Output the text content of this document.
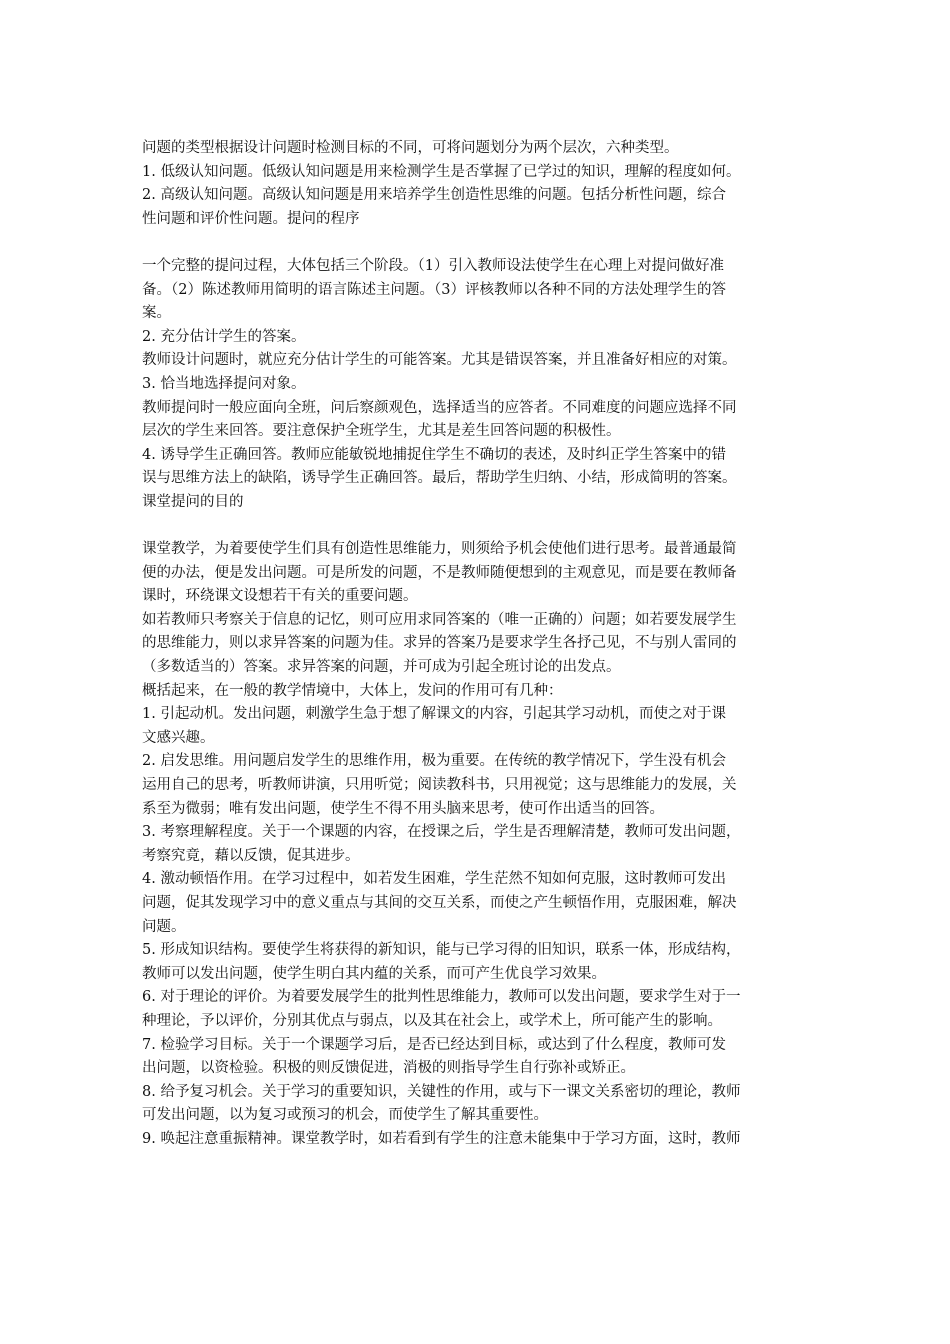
问题的类型根据设计问题时检测目标的不同，可将问题划分为两个层次，六种类型。
1. 低级认知问题。低级认知问题是用来检测学生是否掌握了已学过的知识，理解的程度如何。
2. 高级认知问题。高级认知问题是用来培养学生创造性思维的问题。包括分析性问题，综合
性问题和评价性问题。提问的程序
一个完整的提问过程，大体包括三个阶段。（1）引入教师设法使学生在心理上对提问做好准
备。（2）陈述教师用简明的语言陈述主问题。（3）评核教师以各种不同的方法处理学生的答
案。
2. 充分估计学生的答案。
教师设计问题时，就应充分估计学生的可能答案。尤其是错误答案，并且准备好相应的对策。
3. 恰当地选择提问对象。
教师提问时一般应面向全班，问后察颜观色，选择适当的应答者。不同难度的问题应选择不同
层次的学生来回答。要注意保护全班学生，尤其是差生回答问题的积极性。
4. 诱导学生正确回答。教师应能敏锐地捕捉住学生不确切的表述，及时纠正学生答案中的错
误与思维方法上的缺陷，诱导学生正确回答。最后，帮助学生归纳、小结，形成简明的答案。
课堂提问的目的
课堂教学，为着要使学生们具有创造性思维能力，则须给予机会使他们进行思考。最普通最简
便的办法，便是发出问题。可是所发的问题，不是教师随便想到的主观意见，而是要在教师备
课时，环绕课文设想若干有关的重要问题。
如若教师只考察关于信息的记忆，则可应用求同答案的（唯一正确的）问题；如若要发展学生
的思维能力，则以求异答案的问题为佳。求异的答案乃是要求学生各抒己见，不与别人雷同的
（多数适当的）答案。求异答案的问题，并可成为引起全班讨论的出发点。
概括起来，在一般的教学情境中，大体上，发问的作用可有几种：
1. 引起动机。发出问题，刺激学生急于想了解课文的内容，引起其学习动机，而使之对于课
文感兴趣。
2. 启发思维。用问题启发学生的思维作用，极为重要。在传统的教学情况下，学生没有机会
运用自己的思考，听教师讲演，只用听觉；阅读教科书，只用视觉；这与思维能力的发展，关
系至为微弱；唯有发出问题，使学生不得不用头脑来思考，使可作出适当的回答。
3. 考察理解程度。关于一个课题的内容，在授课之后，学生是否理解清楚，教师可发出问题，
考察究竟，藉以反馈，促其进步。
4. 激动顿悟作用。在学习过程中，如若发生困难，学生茫然不知如何克服，这时教师可发出
问题，促其发现学习中的意义重点与其间的交互关系，而使之产生顿悟作用，克服困难，解决
问题。
5. 形成知识结构。要使学生将获得的新知识，能与已学习得的旧知识，联系一体，形成结构，
教师可以发出问题，使学生明白其内蕴的关系，而可产生优良学习效果。
6. 对于理论的评价。为着要发展学生的批判性思维能力，教师可以发出问题，要求学生对于一
种理论，予以评价，分别其优点与弱点，以及其在社会上，或学术上，所可能产生的影响。
7. 检验学习目标。关于一个课题学习后，是否已经达到目标，或达到了什么程度，教师可发
出问题，以资检验。积极的则反馈促进，消极的则指导学生自行弥补或矫正。
8. 给予复习机会。关于学习的重要知识，关键性的作用，或与下一课文关系密切的理论，教师
可发出问题，以为复习或预习的机会，而使学生了解其重要性。
9. 唤起注意重振精神。课堂教学时，如若看到有学生的注意未能集中于学习方面，这时，教师
